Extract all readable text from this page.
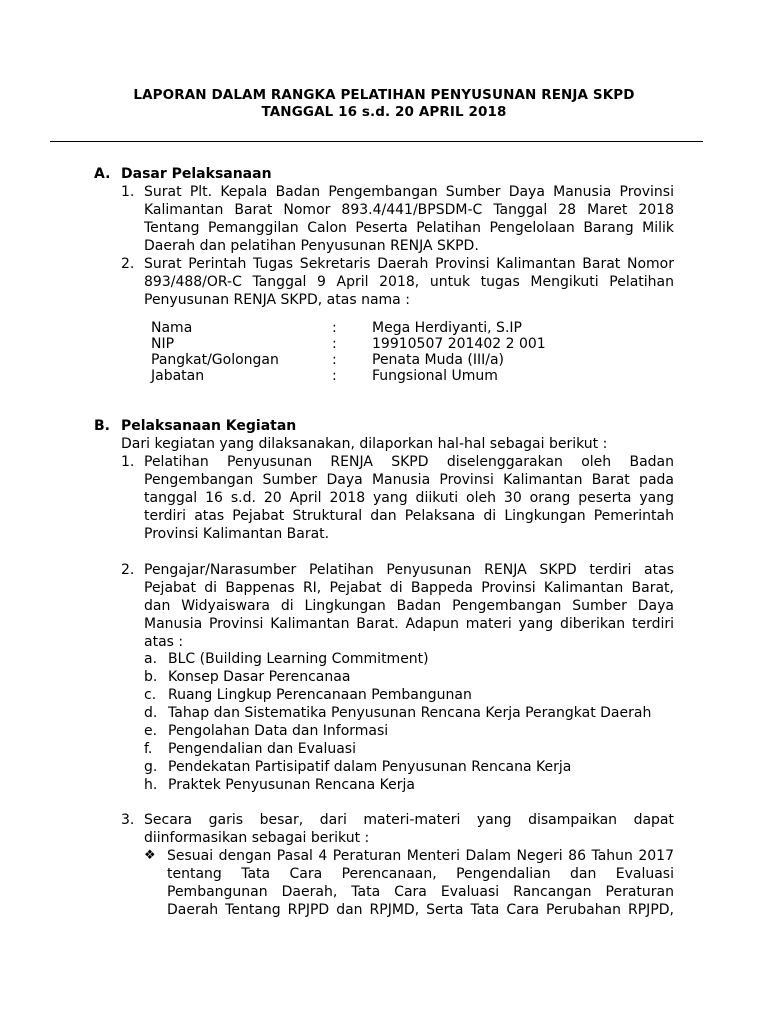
LAPORAN DALAM RANGKA PELATIHAN PENYUSUNAN RENJA SKPD
TANGGAL 16 s.d. 20 APRIL 2018
A. Dasar Pelaksanaan
1. Surat Plt. Kepala Badan Pengembangan Sumber Daya Manusia Provinsi
Kalimantan Barat Nomor 893.4/441/BPSDM-C Tanggal 28 Maret 2018
Tentang Pemanggilan Calon Peserta Pelatihan Pengelolaan Barang Milik
Daerah dan pelatihan Penyusunan RENJA SKPD.
2. Surat Perintah Tugas Sekretaris Daerah Provinsi Kalimantan Barat Nomor
893/488/OR-C Tanggal 9 April 2018, untuk tugas Mengikuti Pelatihan
Penyusunan RENJA SKPD, atas nama :
Nama	:	Mega Herdiyanti, S.IP
NIP	:	19910507 201402 2 001
Pangkat/Golongan	:	Penata Muda (III/a)
Jabatan	:	Fungsional Umum
B. Pelaksanaan Kegiatan
Dari kegiatan yang dilaksanakan, dilaporkan hal-hal sebagai berikut :
1. Pelatihan Penyusunan RENJA SKPD diselenggarakan oleh Badan
Pengembangan Sumber Daya Manusia Provinsi Kalimantan Barat pada
tanggal 16 s.d. 20 April 2018 yang diikuti oleh 30 orang peserta yang
terdiri atas Pejabat Struktural dan Pelaksana di Lingkungan Pemerintah
Provinsi Kalimantan Barat.
2. Pengajar/Narasumber Pelatihan Penyusunan RENJA SKPD terdiri atas
Pejabat di Bappenas RI, Pejabat di Bappeda Provinsi Kalimantan Barat,
dan Widyaiswara di Lingkungan Badan Pengembangan Sumber Daya
Manusia Provinsi Kalimantan Barat. Adapun materi yang diberikan terdiri
atas :
a. BLC (Building Learning Commitment)
b. Konsep Dasar Perencanaa
c. Ruang Lingkup Perencanaan Pembangunan
d. Tahap dan Sistematika Penyusunan Rencana Kerja Perangkat Daerah
e. Pengolahan Data dan Informasi
f. Pengendalian dan Evaluasi
g. Pendekatan Partisipatif dalam Penyusunan Rencana Kerja
h. Praktek Penyusunan Rencana Kerja
3. Secara garis besar, dari materi-materi yang disampaikan dapat
diinformasikan sebagai berikut :
❖ Sesuai dengan Pasal 4 Peraturan Menteri Dalam Negeri 86 Tahun 2017
tentang Tata Cara Perencanaan, Pengendalian dan Evaluasi
Pembangunan Daerah, Tata Cara Evaluasi Rancangan Peraturan
Daerah Tentang RPJPD dan RPJMD, Serta Tata Cara Perubahan RPJPD,
